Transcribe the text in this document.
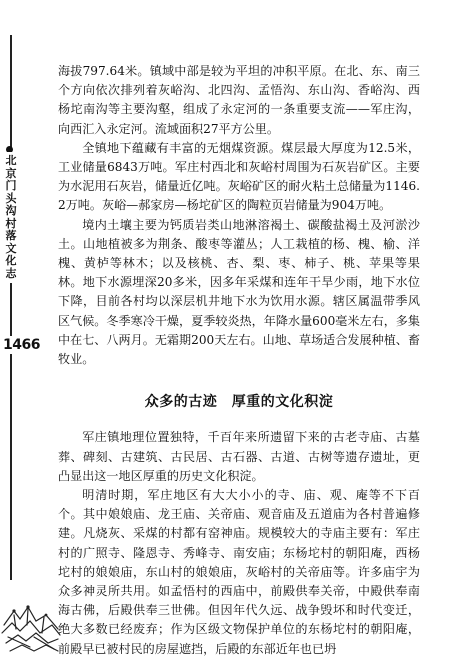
北京门头沟村落文化志
1466

海拔797.64米。镇域中部是较为平坦的冲积平原。在北、东、南三个方向依次排列着灰峪沟、北四沟、孟悟沟、东山沟、香峪沟、西杨坨南沟等主要沟壑，组成了永定河的一条重要支流——军庄沟，向西汇入永定河。流域面积27平方公里。

全镇地下蕴藏有丰富的无烟煤资源。煤层最大厚度为12.5米，工业储量6843万吨。军庄村西北和灰峪村周围为石灰岩矿区。主要为水泥用石灰岩，储量近亿吨。灰峪矿区的耐火粘土总储量为1146.2万吨。灰峪—郝家房—杨坨矿区的陶粒页岩储量为904万吨。

境内土壤主要为钙质岩类山地淋溶褐土、碳酸盐褐土及河淤沙土。山地植被多为荆条、酸枣等灌丛；人工栽植的杨、槐、榆、洋槐、黄栌等林木；以及核桃、杏、梨、枣、柿子、桃、苹果等果林。地下水源埋深20多米，因多年采煤和连年干旱少雨，地下水位下降，目前各村均以深层机井地下水为饮用水源。辖区属温带季风区气候。冬季寒冷干燥，夏季较炎热，年降水量600毫米左右，多集中在七、八两月。无霜期200天左右。山地、草场适合发展种植、畜牧业。

众多的古迹　厚重的文化积淀

军庄镇地理位置独特，千百年来所遗留下来的古老寺庙、古墓葬、碑刻、古建筑、古民居、古石器、古道、古树等遗存遗址，更凸显出这一地区厚重的历史文化积淀。

明清时期，军庄地区有大大小小的寺、庙、观、庵等不下百个。其中娘娘庙、龙王庙、关帝庙、观音庙及五道庙为各村普遍修建。凡烧灰、采煤的村都有窑神庙。规模较大的寺庙主要有：军庄村的广照寺、隆恩寺、秀峰寺、南安庙；东杨坨村的朝阳庵，西杨坨村的娘娘庙，东山村的娘娘庙，灰峪村的关帝庙等。许多庙宇为众多神灵所共用。如孟悟村的西庙中，前殿供奉关帝，中殿供奉南海古佛，后殿供奉三世佛。但因年代久远、战争毁坏和时代变迁，绝大多数已经废弃；作为区级文物保护单位的东杨坨村的朝阳庵，前殿早已被村民的房屋遮挡，后殿的东部近年也已坍
